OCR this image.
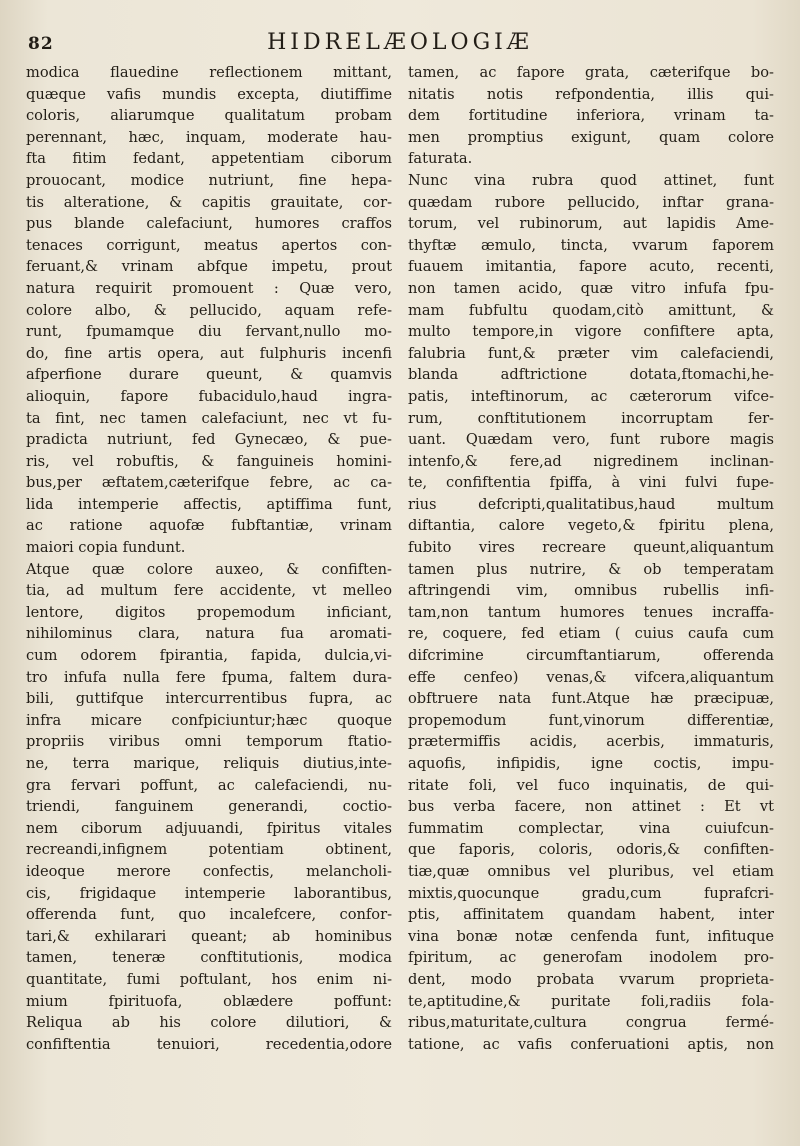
82	HIDRELÆOLOGIÆ
modica flauedine reflectionem mittant,
quæque vafis mundis excepta, diutiffime
coloris, aliarumque qualitatum probam
perennant, hæc, inquam, moderate hau-
fta fitim fedant, appetentiam ciborum
prouocant, modice nutriunt, fine hepa-
tis alteratione, & capitis grauitate, cor-
pus blande calefaciunt, humores craffos
tenaces corrigunt, meatus apertos con-
feruant,& vrinam abfque impetu, prout
natura requirit promouent : Quæ vero,
colore albo, & pellucido, aquam refe-
runt, fpumamque diu fervant,nullo mo-
do, fine artis opera, aut fulphuris incenfi
afperfione durare queunt, & quamvis
alioquin, fapore fubacidulo,haud ingra-
ta fint, nec tamen calefaciunt, nec vt fu-
pradicta nutriunt, fed Gynecæo, & pue-
ris, vel robuftis, & fanguineis homini-
bus,per æftatem,cæterifque febre, ac ca-
lida intemperie affectis, aptiffima funt,
ac ratione aquofæ fubftantiæ, vrinam
maiori copia fundunt.
Atque quæ colore auxeo, & confiften-
tia, ad multum fere accidente, vt melleo
lentore, digitos propemodum inficiant,
nihilominus clara, natura fua aromati-
cum odorem fpirantia, fapida, dulcia,vi-
tro infufa nulla fere fpuma, faltem dura-
bili, guttifque intercurrentibus fupra, ac
infra micare confpiciuntur;hæc quoque
propriis viribus omni temporum ftatio-
ne, terra marique, reliquis diutius,inte-
gra fervari poffunt, ac calefaciendi, nu-
triendi, fanguinem generandi, coctio-
nem ciborum adjuuandi, fpiritus vitales
recreandi,infignem potentiam obtinent,
ideoque merore confectis, melancholi-
cis, frigidaque intemperie laborantibus,
offerenda funt, quo incalefcere, confor-
tari,& exhilarari queant; ab hominibus
tamen, teneræ conftitutionis, modica
quantitate, fumi poftulant, hos enim ni-
mium fpirituofa, oblædere poffunt:
Reliqua ab his colore dilutiori, &
confiftentia tenuiori, recedentia,odore
tamen, ac fapore grata, cæterifque bo-
nitatis notis refpondentia, illis qui-
dem fortitudine inferiora, vrinam ta-
men promptius exigunt, quam colore
faturata.
Nunc vina rubra quod attinet, funt
quædam rubore pellucido, inftar grana-
torum, vel rubinorum, aut lapidis Ame-
thyftæ æmulo, tincta, vvarum faporem
fuauem imitantia, fapore acuto, recenti,
non tamen acido, quæ vitro infufa fpu-
mam fubfultu quodam,citò amittunt, &
multo tempore,in vigore confiftere apta,
falubria funt,& præter vim calefaciendi,
blanda adftrictione dotata,ftomachi,he-
patis, inteftinorum, ac cæterorum vifce-
rum, conftitutionem incorruptam fer-
uant. Quædam vero, funt rubore magis
intenfo,& fere,ad nigredinem inclinan-
te, confiftentia fpiffa, à vini fulvi fupe-
rius defcripti,qualitatibus,haud multum
diftantia, calore vegeto,& fpiritu plena,
fubito vires recreare queunt,aliquantum
tamen plus nutrire, & ob temperatam
aftringendi vim, omnibus rubellis infi-
tam,non tantum humores tenues incraffa-
re, coquere, fed etiam ( cuius caufa cum
difcrimine circumftantiarum, offerenda
effe cenfeo) venas,& vifcera,aliquantum
obftruere nata funt.Atque hæ præcipuæ,
propemodum funt,vinorum differentiæ,
prætermiffis acidis, acerbis, immaturis,
aquofis, infipidis, igne coctis, impu-
ritate foli, vel fuco inquinatis, de qui-
bus verba facere, non attinet : Et vt
fummatim complectar, vina cuiufcun-
que faporis, coloris, odoris,& confiften-
tiæ,quæ omnibus vel pluribus, vel etiam
mixtis,quocunque gradu,cum fuprafcri-
ptis, affinitatem quandam habent, inter
vina bonæ notæ cenfenda funt, infituque
fpiritum, ac generofam inodolem pro-
dent, modo probata vvarum proprieta-
te,aptitudine,& puritate foli,radiis fola-
ribus,maturitate,cultura congrua fermé-
tatione, ac vafis conferuationi aptis, non
